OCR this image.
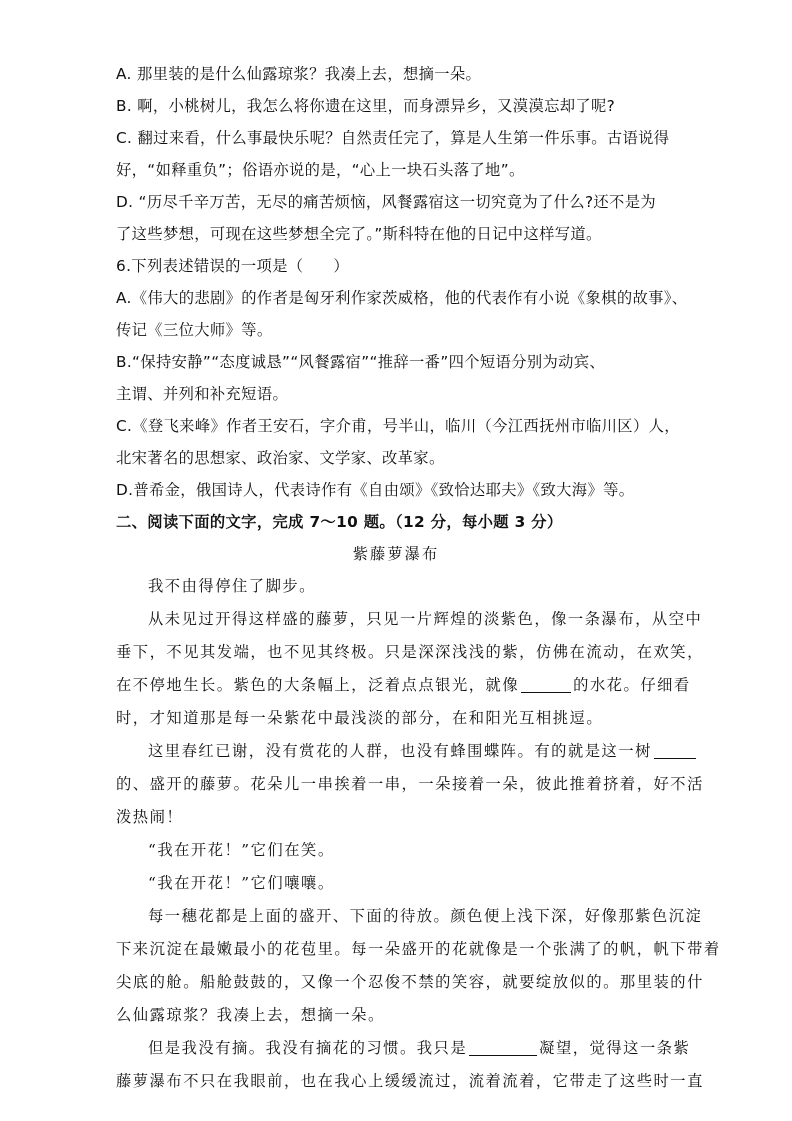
A. 那里装的是什么仙露琼浆？我凑上去，想摘一朵。
B. 啊，小桃树儿，我怎么将你遗在这里，而身漂异乡，又漠漠忘却了呢?
C. 翻过来看，什么事最快乐呢？自然责任完了，算是人生第一件乐事。古语说得
好，“如释重负”；俗语亦说的是，“心上一块石头落了地”。
D. “历尽千辛万苦，无尽的痛苦烦恼，风餐露宿这一切究竟为了什么?还不是为
了这些梦想，可现在这些梦想全完了。”斯科特在他的日记中这样写道。
6.下列表述错误的一项是（ ）
A.《伟大的悲剧》的作者是匈牙利作家茨威格，他的代表作有小说《象棋的故事》、
传记《三位大师》等。
B.“保持安静”“态度诚恳”“风餐露宿”“推辞一番”四个短语分别为动宾、
主谓、并列和补充短语。
C.《登飞来峰》作者王安石，字介甫，号半山，临川（今江西抚州市临川区）人，
北宋著名的思想家、政治家、文学家、改革家。
D.普希金，俄国诗人，代表诗作有《自由颂》《致恰达耶夫》《致大海》等。
二、阅读下面的文字，完成 7～10 题。（12 分，每小题 3 分）
紫藤萝瀑布
我不由得停住了脚步。
从未见过开得这样盛的藤萝，只见一片辉煌的淡紫色，像一条瀑布，从空中
垂下，不见其发端，也不见其终极。只是深深浅浅的紫，仿佛在流动，在欢笑，
在不停地生长。紫色的大条幅上，泛着点点银光，就像	的水花。仔细看
时，才知道那是每一朵紫花中最浅淡的部分，在和阳光互相挑逗。
这里春红已谢，没有赏花的人群，也没有蜂围蝶阵。有的就是这一树
的、盛开的藤萝。花朵儿一串挨着一串，一朵接着一朵，彼此推着挤着，好不活
泼热闹！
“我在开花！”它们在笑。
“我在开花！”它们嚷嚷。
每一穗花都是上面的盛开、下面的待放。颜色便上浅下深，好像那紫色沉淀
下来沉淀在最嫩最小的花苞里。每一朵盛开的花就像是一个张满了的帆，帆下带着
尖底的舱。船舱鼓鼓的，又像一个忍俊不禁的笑容，就要绽放似的。那里装的什
么仙露琼浆？我凑上去，想摘一朵。
但是我没有摘。我没有摘花的习惯。我只是	凝望，觉得这一条紫
藤萝瀑布不只在我眼前，也在我心上缓缓流过，流着流着，它带走了这些时一直
